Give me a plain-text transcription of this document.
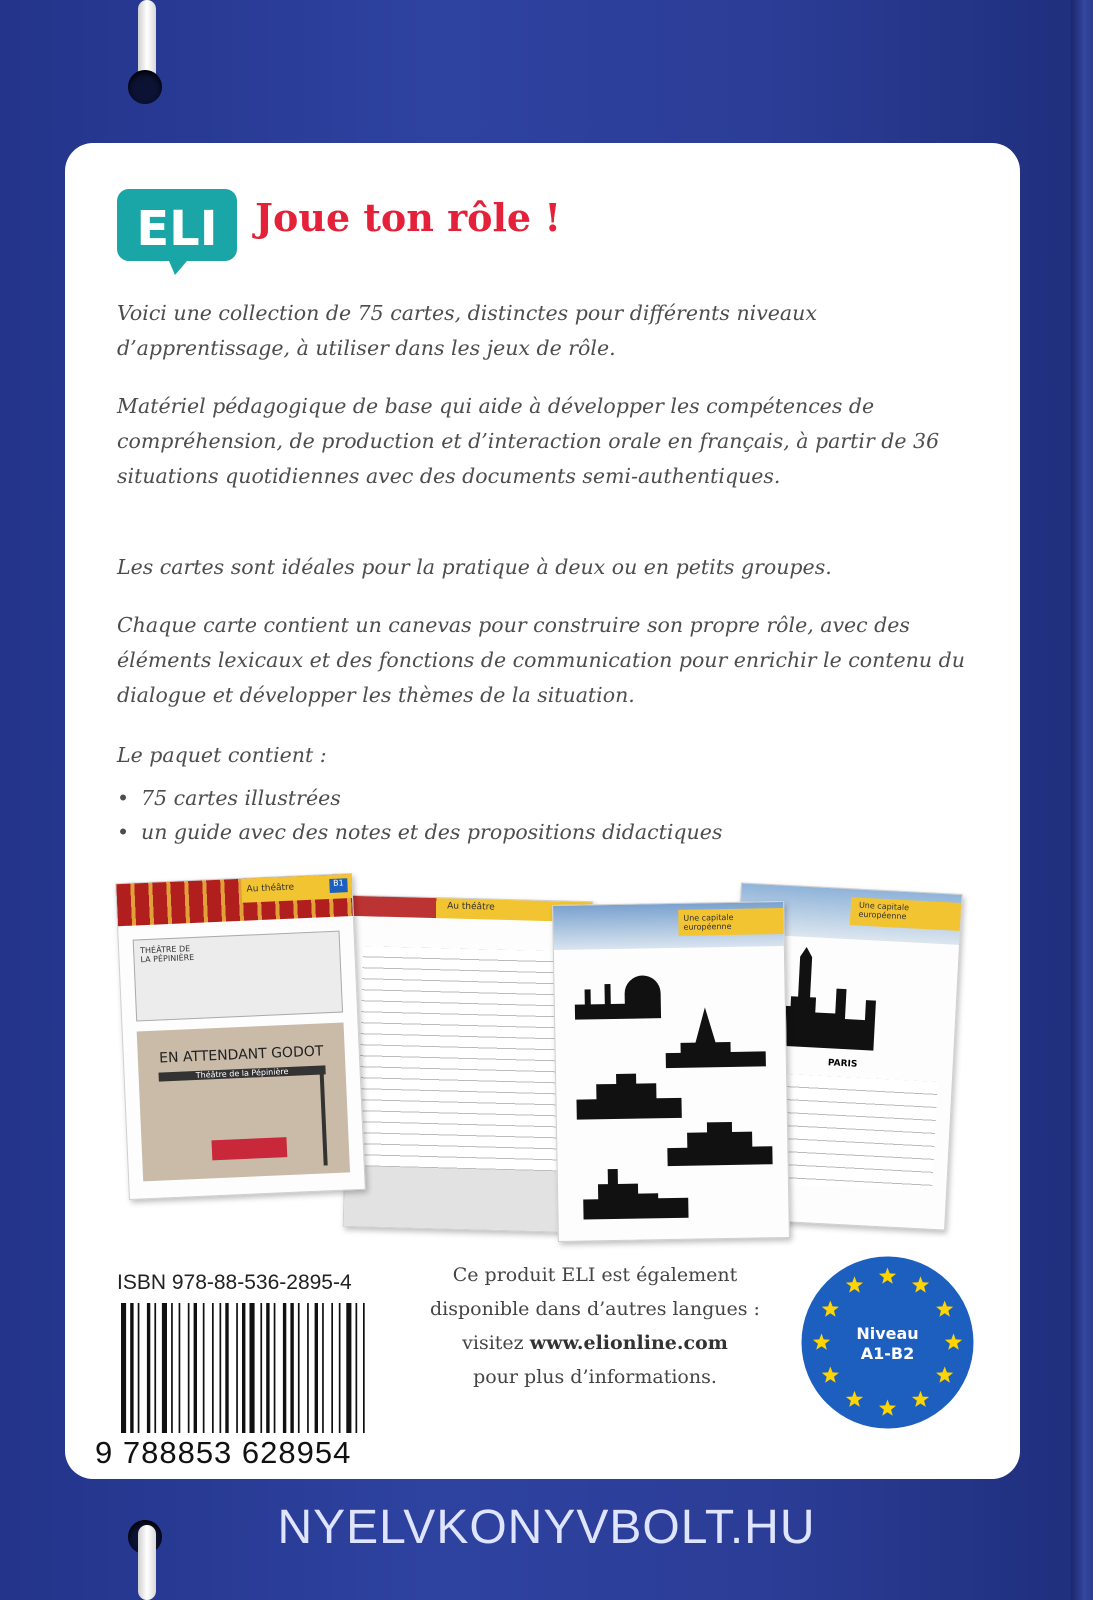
ELI Joue ton rôle !

Voici une collection de 75 cartes, distinctes pour différents niveaux d’apprentissage, à utiliser dans les jeux de rôle.

Matériel pédagogique de base qui aide à développer les compétences de compréhension, de production et d’interaction orale en français, à partir de 36 situations quotidiennes avec des documents semi-authentiques.

Les cartes sont idéales pour la pratique à deux ou en petits groupes.

Chaque carte contient un canevas pour construire son propre rôle, avec des éléments lexicaux et des fonctions de communication pour enrichir le contenu du dialogue et développer les thèmes de la situation.

Le paquet contient :

• 75 cartes illustrées
• un guide avec des notes et des propositions didactiques
Au théâtre
Au théâtre	B1
THÉÂTRE DE
LA PÉPINIÈRE
EN ATTENDANT GODOT
Théâtre de la Pépinière
Une capitale européenne
PARIS
Une capitale européenne

ISBN 978-88-536-2895-4

9 788853 628954
Ce produit ELI est également
disponible dans d’autres langues :
visitez www.elionline.com
pour plus d’informations.
Niveau
A1-B2
NYELVKONYVBOLT.HU
